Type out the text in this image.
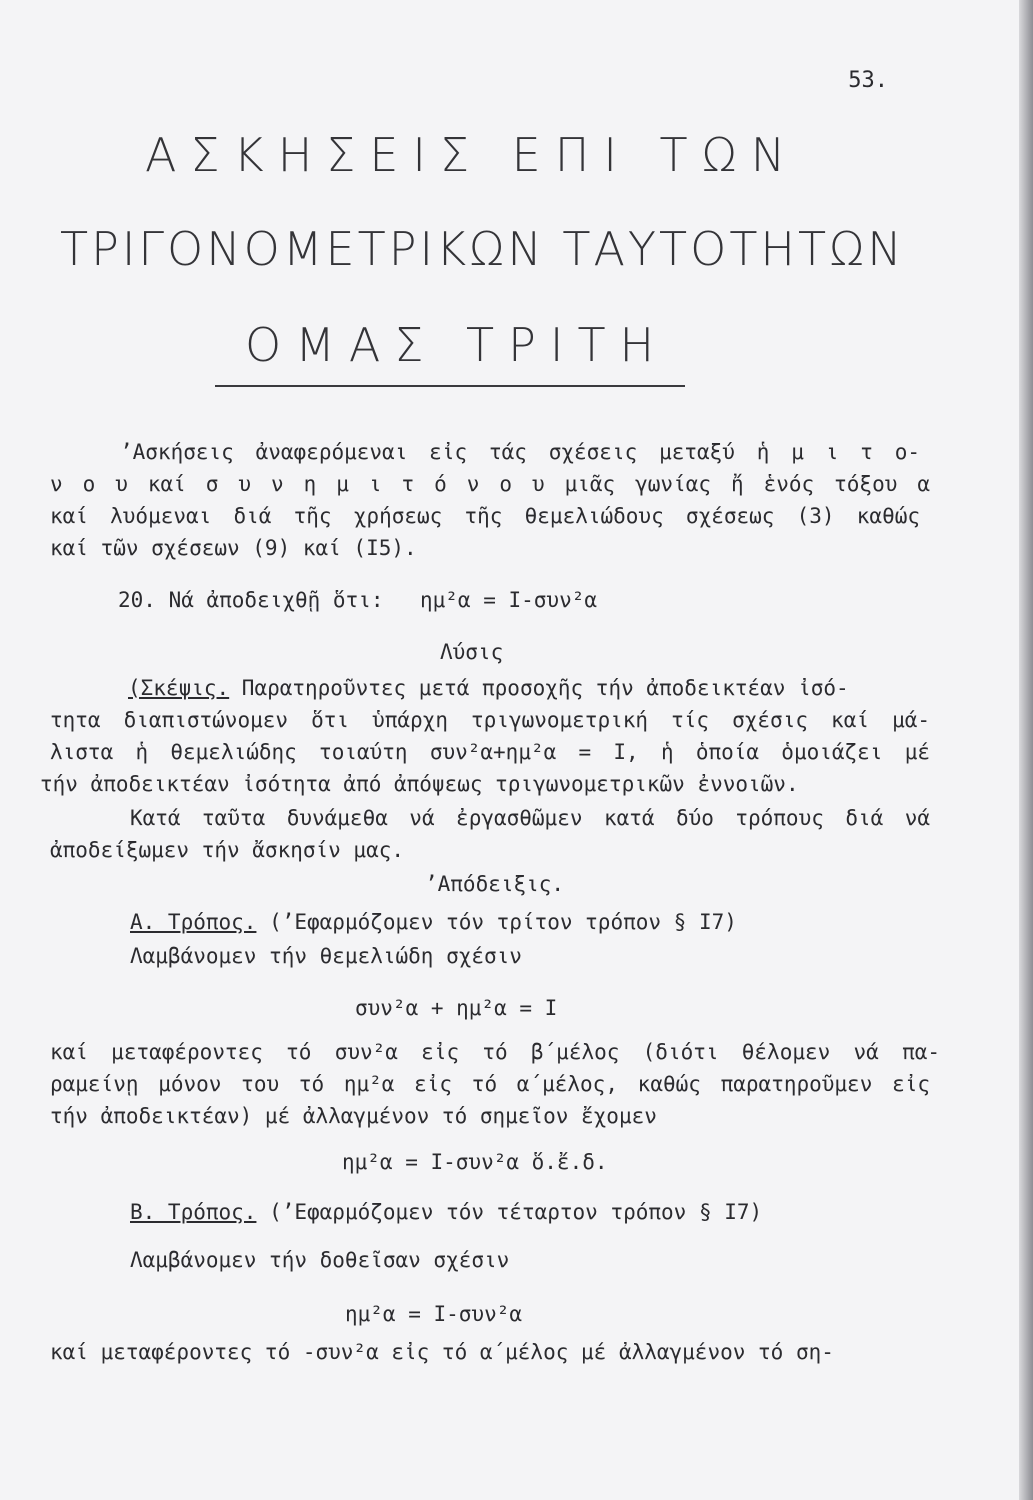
53.
ΑΣΚΗΣΕΙΣ ΕΠΙ ΤΩΝ
ΤΡΙΓΟΝΟΜΕΤΡΙΚΩΝ ΤΑΥΤΟΤΗΤΩΝ
ΟΜΑΣ ΤΡΙΤΗ
’Ασκήσεις ἀναφερόμεναι εἰς τάς σχέσεις μεταξύ ἡ μ ι τ ο-
ν ο υ καί σ υ ν η μ ι τ ό ν ο υ μιᾶς γωνίας ἤ ἑνός τόξου α
καί λυόμεναι διά τῆς χρήσεως τῆς θεμελιώδους σχέσεως (3) καθώς
καί τῶν σχέσεων (9) καί (Ι5).
20. Νά ἀποδειχθῇ ὅτι: ημ²α = Ι-συν²α
Λύσις
(Σκέψις. Παρατηροῦντες μετά προσοχῆς τήν ἀποδεικτέαν ἰσό-
τητα διαπιστώνομεν ὅτι ὑπάρχη τριγωνομετρική τίς σχέσις καί μά-
λιστα ἡ θεμελιώδης τοιαύτη συν²α+ημ²α = Ι, ἡ ὁποία ὁμοιάζει μέ
τήν ἀποδεικτέαν ἰσότητα ἀπό ἀπόψεως τριγωνομετρικῶν ἐννοιῶν.
Κατά ταῦτα δυνάμεθα νά ἐργασθῶμεν κατά δύο τρόπους διά νά
ἀποδείξωμεν τήν ἄσκησίν μας.
’Απόδειξις.
Α. Τρόπος. (’Εφαρμόζομεν τόν τρίτον τρόπον § Ι7)
Λαμβάνομεν τήν θεμελιώδη σχέσιν
συν²α + ημ²α = Ι
καί μεταφέροντες τό συν²α εἰς τό β΄μέλος (διότι θέλομεν νά πα-
ραμείνῃ μόνον του τό ημ²α εἰς τό α΄μέλος, καθώς παρατηροῦμεν εἰς
τήν ἀποδεικτέαν) μέ ἀλλαγμένον τό σημεῖον ἔχομεν
ημ²α = Ι-συν²α ὅ.ἔ.δ.
Β. Τρόπος. (’Εφαρμόζομεν τόν τέταρτον τρόπον § Ι7)
Λαμβάνομεν τήν δοθεῖσαν σχέσιν
ημ²α = Ι-συν²α
καί μεταφέροντες τό -συν²α εἰς τό α΄μέλος μέ ἀλλαγμένον τό ση-
